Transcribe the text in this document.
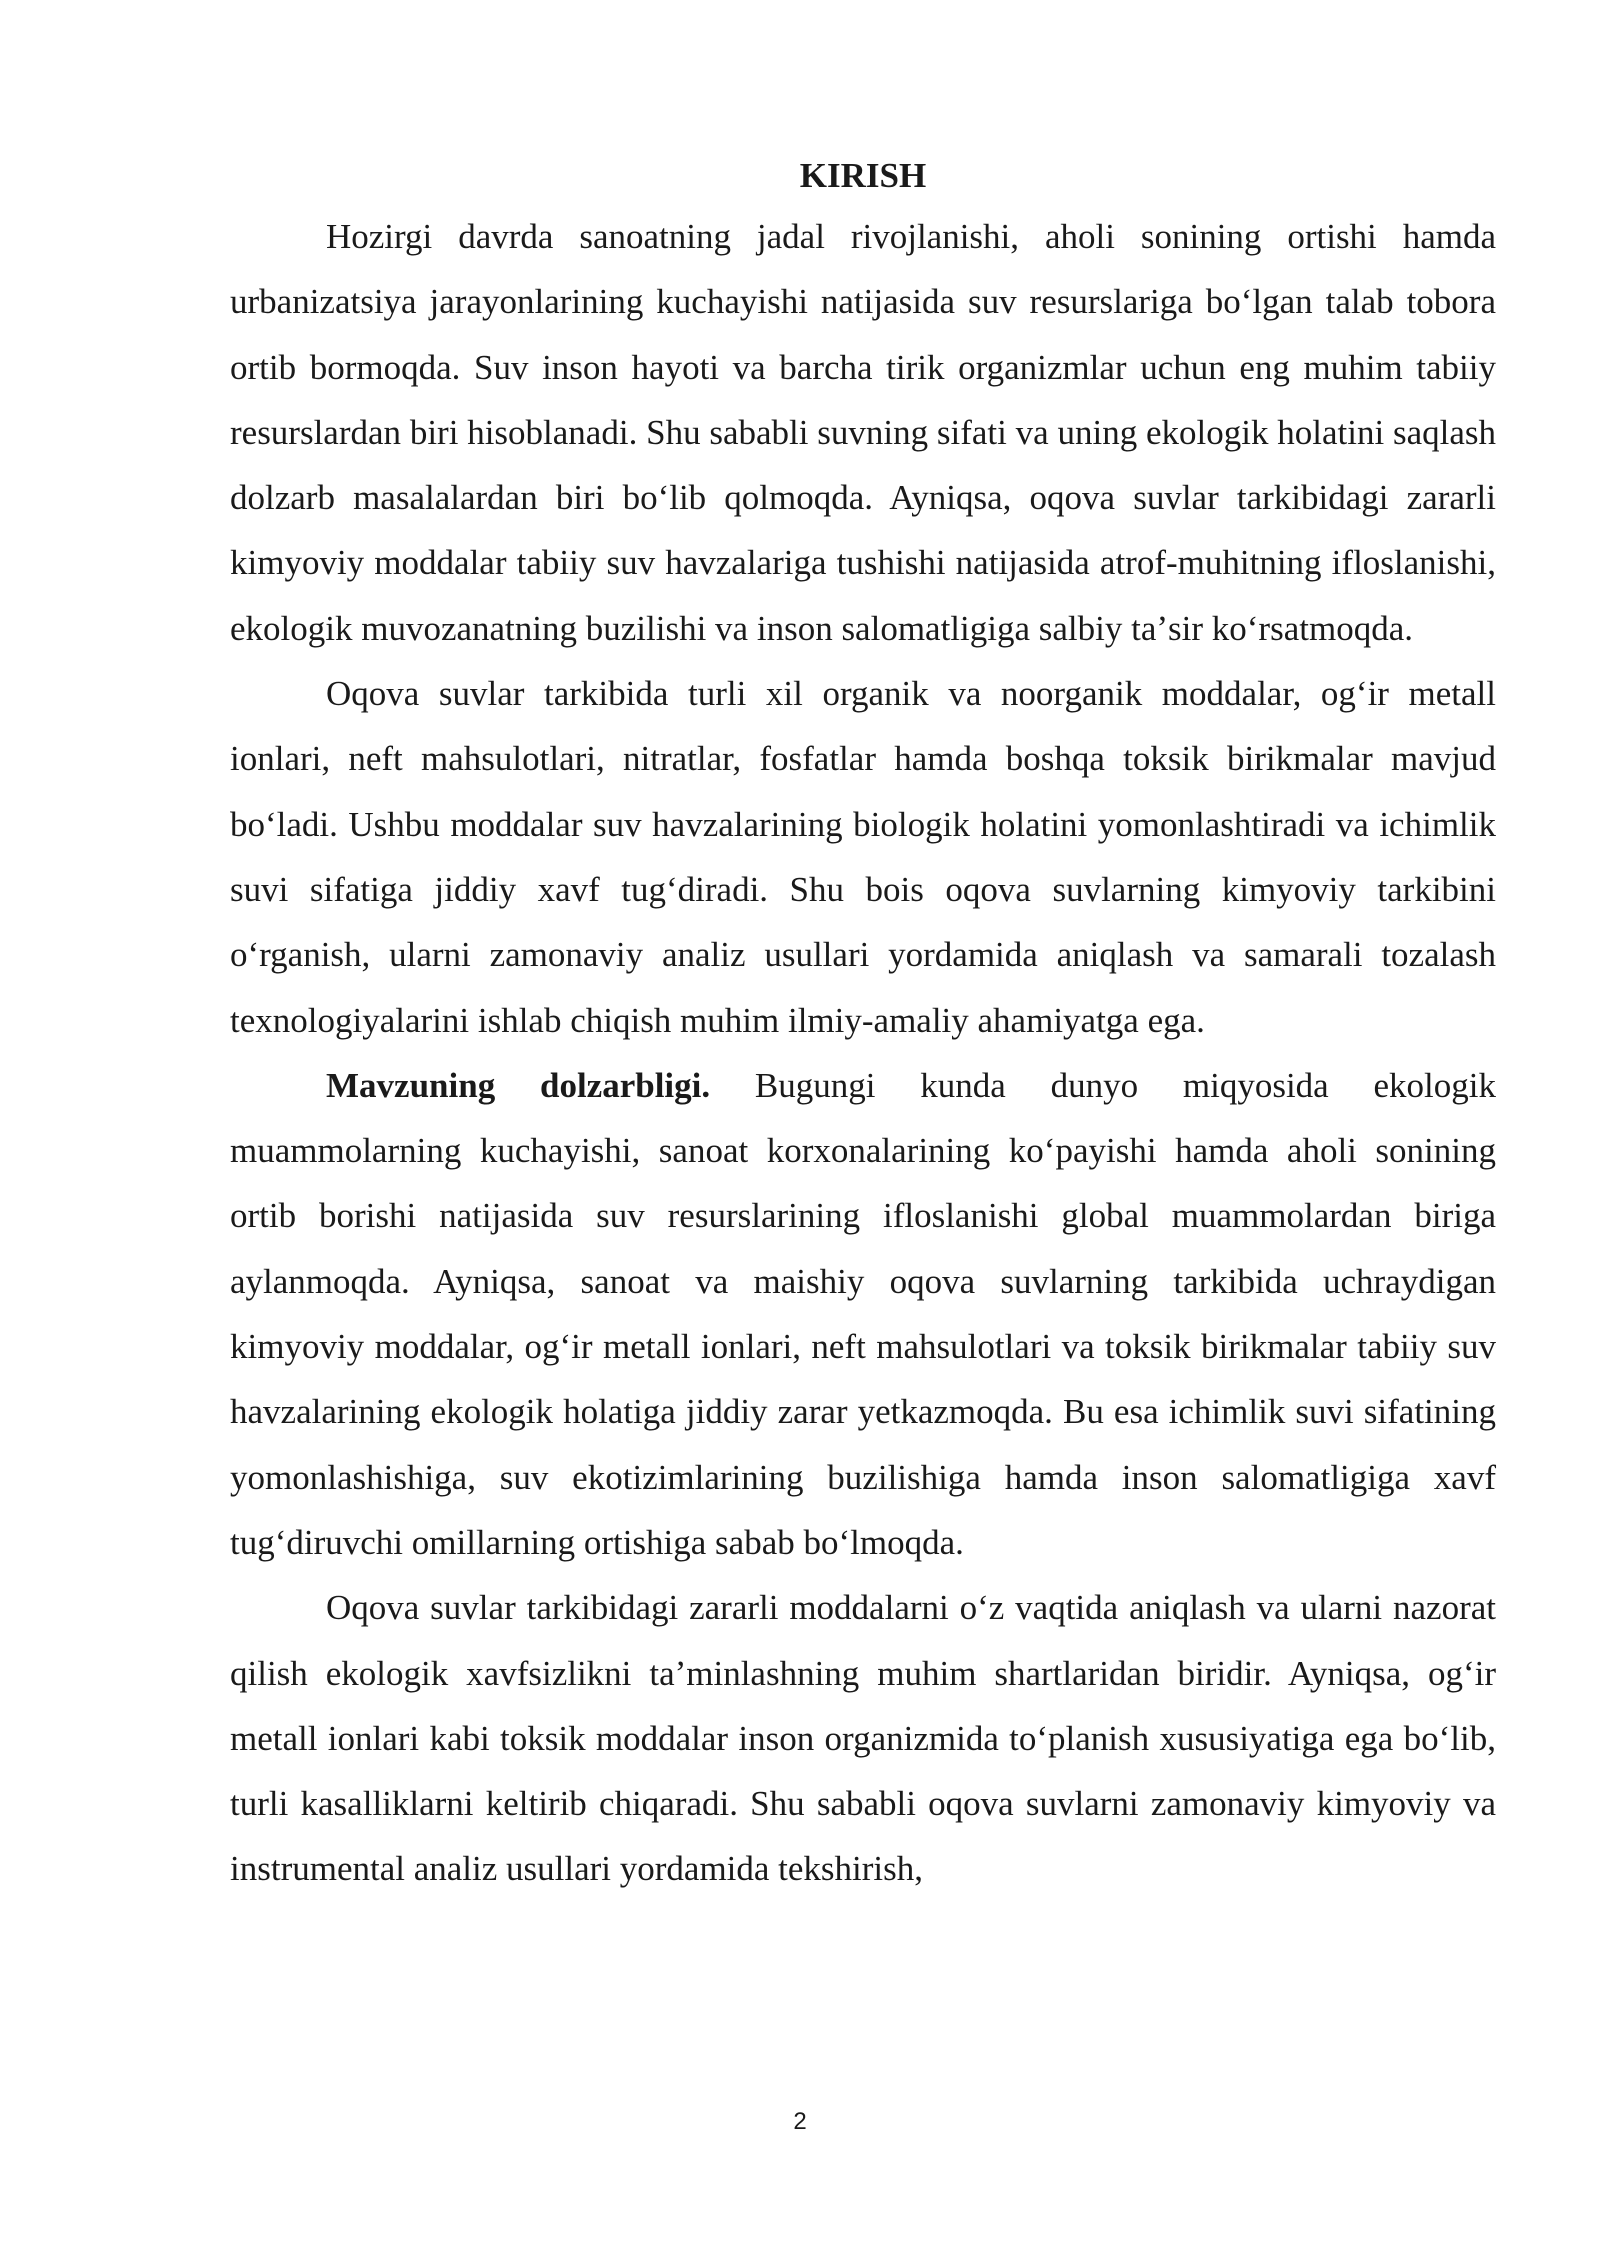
KIRISH

Hozirgi davrda sanoatning jadal rivojlanishi, aholi sonining ortishi hamda urbanizatsiya jarayonlarining kuchayishi natijasida suv resurslariga boʻlgan talab tobora ortib bormoqda. Suv inson hayoti va barcha tirik organizmlar uchun eng muhim tabiiy resurslardan biri hisoblanadi. Shu sababli suvning sifati va uning ekologik holatini saqlash dolzarb masalalardan biri boʻlib qolmoqda. Ayniqsa, oqova suvlar tarkibidagi zararli kimyoviy moddalar tabiiy suv havzalariga tushishi natijasida atrof-muhitning ifloslanishi, ekologik muvozanatning buzilishi va inson salomatligiga salbiy taʼsir koʻrsatmoqda.

Oqova suvlar tarkibida turli xil organik va noorganik moddalar, ogʻir metall ionlari, neft mahsulotlari, nitratlar, fosfatlar hamda boshqa toksik birikmalar mavjud boʻladi. Ushbu moddalar suv havzalarining biologik holatini yomonlashtiradi va ichimlik suvi sifatiga jiddiy xavf tugʻdiradi. Shu bois oqova suvlarning kimyoviy tarkibini oʻrganish, ularni zamonaviy analiz usullari yordamida aniqlash va samarali tozalash texnologiyalarini ishlab chiqish muhim ilmiy-amaliy ahamiyatga ega.

Mavzuning dolzarbligi. Bugungi kunda dunyo miqyosida ekologik muammolarning kuchayishi, sanoat korxonalarining koʻpayishi hamda aholi sonining ortib borishi natijasida suv resurslarining ifloslanishi global muammolardan biriga aylanmoqda. Ayniqsa, sanoat va maishiy oqova suvlarning tarkibida uchraydigan kimyoviy moddalar, ogʻir metall ionlari, neft mahsulotlari va toksik birikmalar tabiiy suv havzalarining ekologik holatiga jiddiy zarar yetkazmoqda. Bu esa ichimlik suvi sifatining yomonlashishiga, suv ekotizimlarining buzilishiga hamda inson salomatligiga xavf tugʻdiruvchi omillarning ortishiga sabab boʻlmoqda.

Oqova suvlar tarkibidagi zararli moddalarni oʻz vaqtida aniqlash va ularni nazorat qilish ekologik xavfsizlikni taʼminlashning muhim shartlaridan biridir. Ayniqsa, ogʻir metall ionlari kabi toksik moddalar inson organizmida toʻplanish xususiyatiga ega boʻlib, turli kasalliklarni keltirib chiqaradi. Shu sababli oqova suvlarni zamonaviy kimyoviy va instrumental analiz usullari yordamida tekshirish,

2
